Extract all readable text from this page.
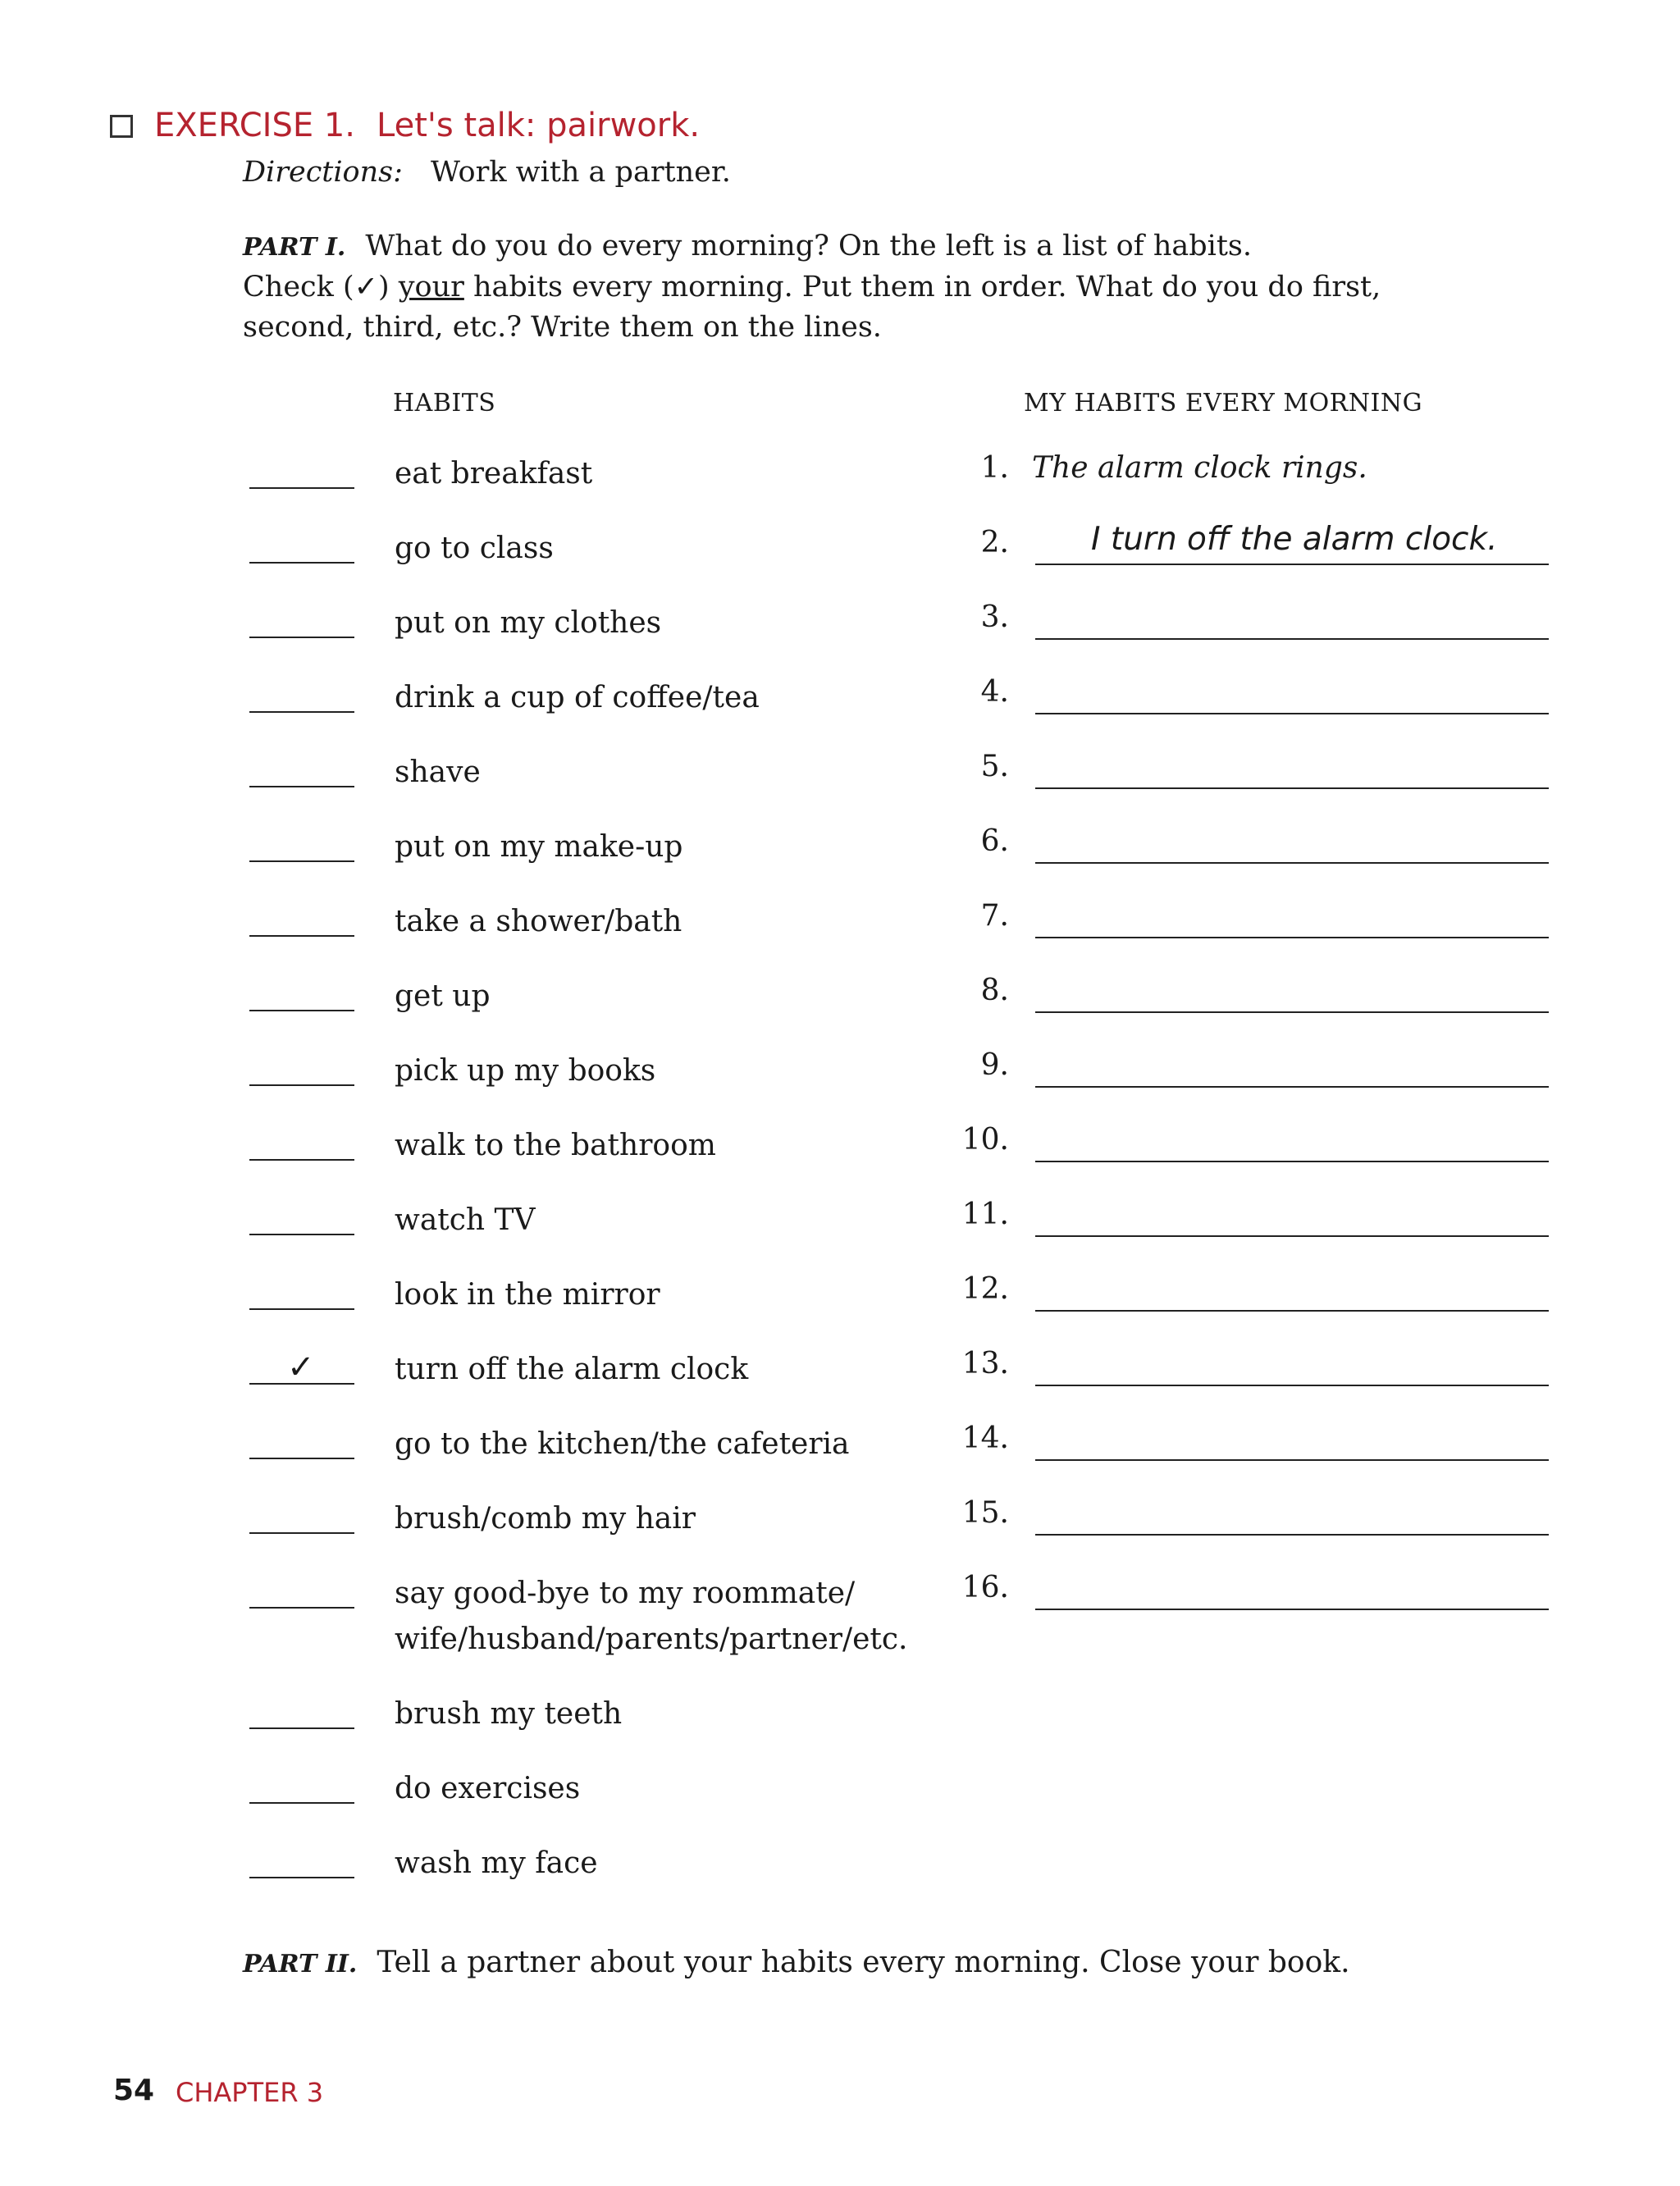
EXERCISE 1. Let's talk: pairwork.
Directions: Work with a partner.
PART I. What do you do every morning? On the left is a list of habits.
Check (✓) your habits every morning. Put them in order. What do you do first,
second, third, etc.? Write them on the lines.
HABITS	MY HABITS EVERY MORNING
eat breakfast
go to class
put on my clothes
drink a cup of coffee/tea
shave
put on my make-up
take a shower/bath
get up
pick up my books
walk to the bathroom
watch TV
look in the mirror
✓	turn off the alarm clock
go to the kitchen/the cafeteria
brush/comb my hair
say good-bye to my roommate/
wife/husband/parents/partner/etc.
brush my teeth
do exercises
wash my face
1. The alarm clock rings.
2.	I turn off the alarm clock.
3.
4.
5.
6.
7.
8.
9.
10.
11.
12.
13.
14.
15.
16.
PART II. Tell a partner about your habits every morning. Close your book.
54 CHAPTER 3
